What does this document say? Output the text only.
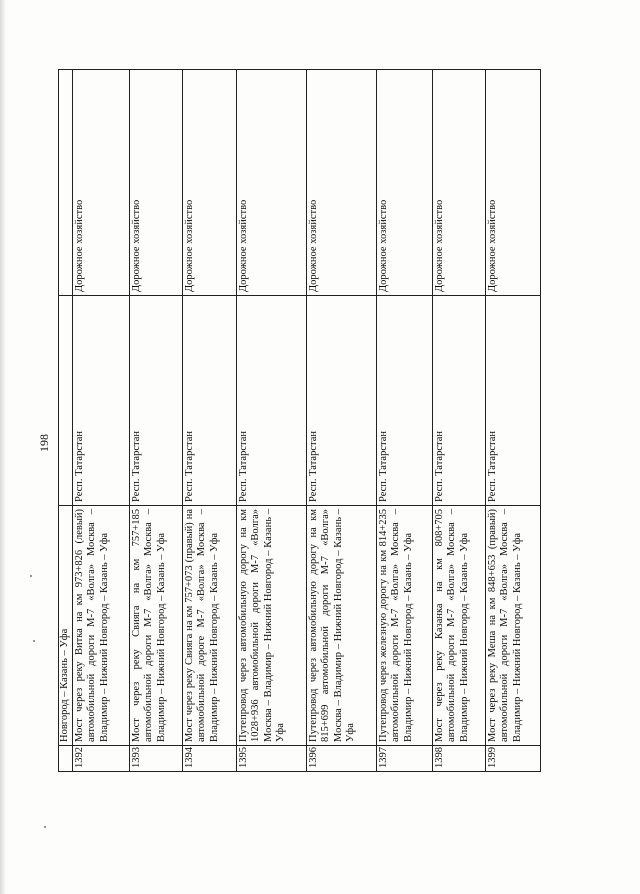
198
	Новгород – Казань – Уфа		
1392	Мост через реку Витка на км 973+826 (левый) автомобильной дороги М-7 «Волга» Москва – Владимир – Нижний Новгород – Казань – Уфа	Респ. Татарстан	Дорожное хозяйство
1393	Мост через реку Свияга на км 757+185 автомобильной дороги М-7 «Волга» Москва – Владимир – Нижний Новгород – Казань – Уфа	Респ. Татарстан	Дорожное хозяйство
1394	Мост через реку Свияга на км 757+073 (правый) на автомобильной дороге М-7 «Волга» Москва – Владимир – Нижний Новгород – Казань – Уфа	Респ. Татарстан	Дорожное хозяйство
1395	Путепровод через автомобильную дорогу на км 1028+936 автомобильной дороги М-7 «Волга» Москва – Владимир – Нижний Новгород – Казань – Уфа	Респ. Татарстан	Дорожное хозяйство
1396	Путепровод через автомобильную дорогу на км 815+699 автомобильной дороги М-7 «Волга» Москва – Владимир – Нижний Новгород – Казань – Уфа	Респ. Татарстан	Дорожное хозяйство
1397	Путепровод через железную дорогу на км 814+235 автомобильной дороги М-7 «Волга» Москва – Владимир – Нижний Новгород – Казань – Уфа	Респ. Татарстан	Дорожное хозяйство
1398	Мост через реку Казанка на км 808+705 автомобильной дороги М-7 «Волга» Москва – Владимир – Нижний Новгород – Казань – Уфа	Респ. Татарстан	Дорожное хозяйство
1399	Мост через реку Меша на км 848+653 (правый) автомобильной дороги М-7 «Волга» Москва – Владимир – Нижний Новгород – Казань – Уфа	Респ. Татарстан	Дорожное хозяйство
